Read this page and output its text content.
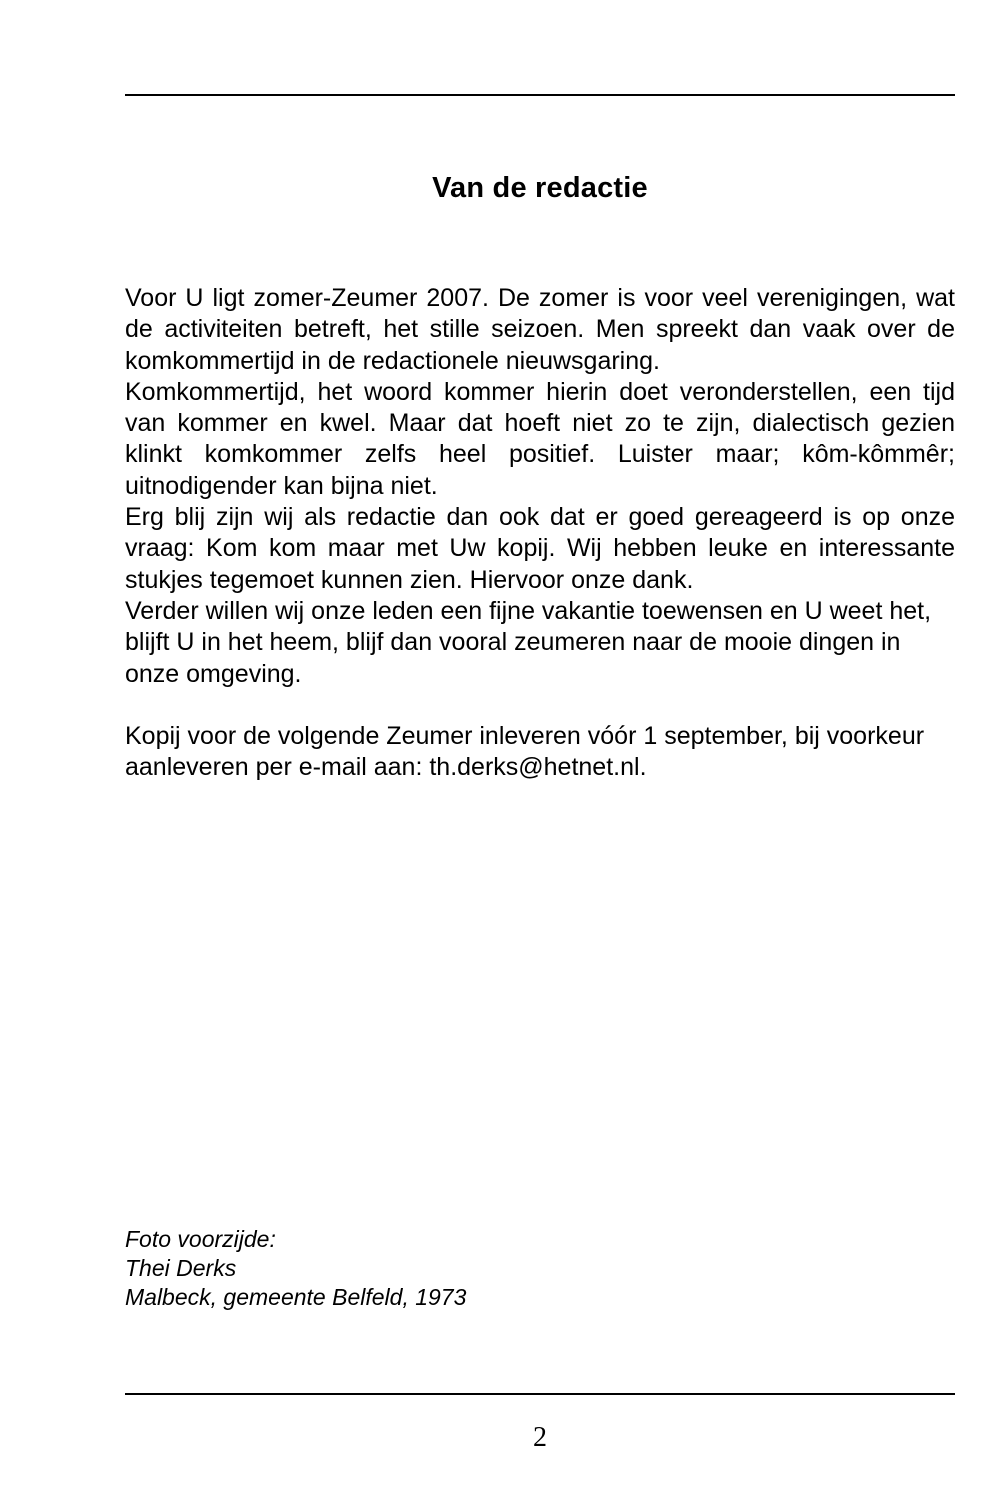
Van de redactie

Voor U ligt zomer-Zeumer 2007. De zomer is voor veel verenigingen, wat de activiteiten betreft, het stille seizoen. Men spreekt dan vaak over de komkommertijd in de redactionele nieuwsgaring.

Komkommertijd, het woord kommer hierin doet veronderstellen, een tijd van kommer en kwel. Maar dat hoeft niet zo te zijn, dialectisch gezien klinkt komkommer zelfs heel positief. Luister maar; kôm-kômmêr; uitnodigender kan bijna niet.

Erg blij zijn wij als redactie dan ook dat er goed gereageerd is op onze vraag: Kom kom maar met Uw kopij. Wij hebben leuke en interessante stukjes tegemoet kunnen zien. Hiervoor onze dank.

Verder willen wij onze leden een fijne vakantie toewensen en U weet het, blijft U in het heem, blijf dan vooral zeumeren naar de mooie dingen in onze omgeving.

Kopij voor de volgende Zeumer inleveren vóór 1 september, bij voorkeur aanleveren per e-mail aan: th.derks@hetnet.nl.

Foto voorzijde:
Thei Derks
Malbeck, gemeente Belfeld, 1973
2
